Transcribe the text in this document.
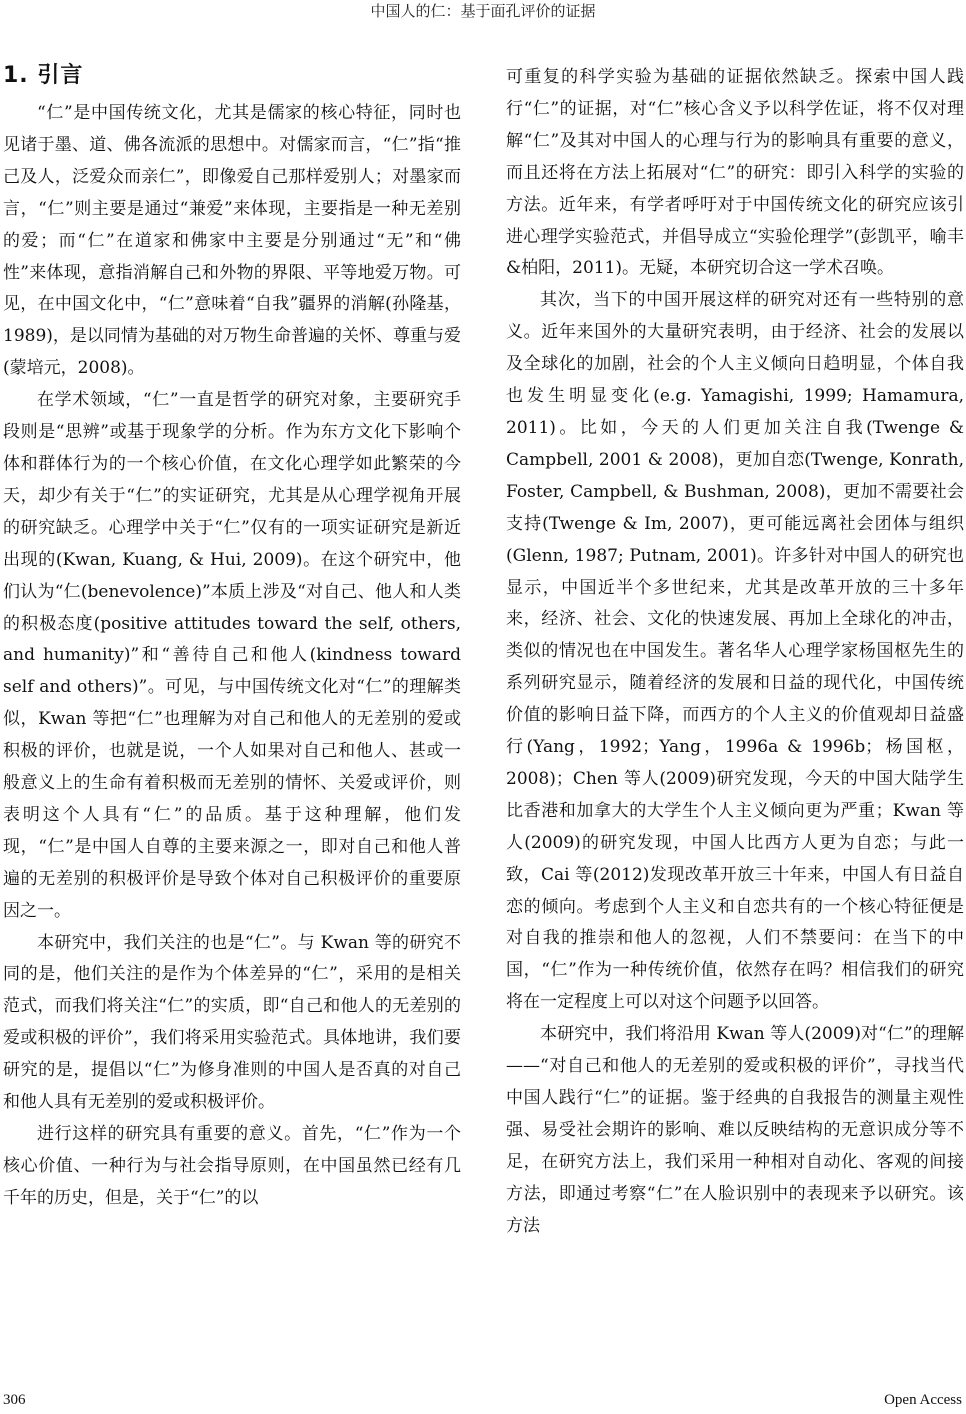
中国人的仁：基于面孔评价的证据
1. 引言

“仁”是中国传统文化，尤其是儒家的核心特征，同时也见诸于墨、道、佛各流派的思想中。对儒家而言，“仁”指“推己及人，泛爱众而亲仁”，即像爱自己那样爱别人；对墨家而言，“仁”则主要是通过“兼爱”来体现，主要指是一种无差别的爱；而“仁”在道家和佛家中主要是分别通过“无”和“佛性”来体现，意指消解自己和外物的界限、平等地爱万物。可见，在中国文化中，“仁”意味着“自我”疆界的消解(孙隆基，1989)，是以同情为基础的对万物生命普遍的关怀、尊重与爱(蒙培元，2008)。

在学术领域，“仁”一直是哲学的研究对象，主要研究手段则是“思辨”或基于现象学的分析。作为东方文化下影响个体和群体行为的一个核心价值，在文化心理学如此繁荣的今天，却少有关于“仁”的实证研究，尤其是从心理学视角开展的研究缺乏。心理学中关于“仁”仅有的一项实证研究是新近出现的(Kwan, Kuang, & Hui, 2009)。在这个研究中，他们认为“仁(benevolence)”本质上涉及“对自己、他人和人类的积极态度(positive attitudes toward the self, others, and humanity)”和“善待自己和他人(kindness toward self and others)”。可见，与中国传统文化对“仁”的理解类似，Kwan 等把“仁”也理解为对自己和他人的无差别的爱或积极的评价，也就是说，一个人如果对自己和他人、甚或一般意义上的生命有着积极而无差别的情怀、关爱或评价，则表明这个人具有“仁”的品质。基于这种理解，他们发现，“仁”是中国人自尊的主要来源之一，即对自己和他人普遍的无差别的积极评价是导致个体对自己积极评价的重要原因之一。

本研究中，我们关注的也是“仁”。与 Kwan 等的研究不同的是，他们关注的是作为个体差异的“仁”，采用的是相关范式，而我们将关注“仁”的实质，即“自己和他人的无差别的爱或积极的评价”，我们将采用实验范式。具体地讲，我们要研究的是，提倡以“仁”为修身准则的中国人是否真的对自己和他人具有无差别的爱或积极评价。

进行这样的研究具有重要的意义。首先，“仁”作为一个核心价值、一种行为与社会指导原则，在中国虽然已经有几千年的历史，但是，关于“仁”的以

可重复的科学实验为基础的证据依然缺乏。探索中国人践行“仁”的证据，对“仁”核心含义予以科学佐证，将不仅对理解“仁”及其对中国人的心理与行为的影响具有重要的意义，而且还将在方法上拓展对“仁”的研究：即引入科学的实验的方法。近年来，有学者呼吁对于中国传统文化的研究应该引进心理学实验范式，并倡导成立“实验伦理学”(彭凯平，喻丰&柏阳，2011)。无疑，本研究切合这一学术召唤。

其次，当下的中国开展这样的研究对还有一些特别的意义。近年来国外的大量研究表明，由于经济、社会的发展以及全球化的加剧，社会的个人主义倾向日趋明显，个体自我也发生明显变化(e.g. Yamagishi, 1999; Hamamura, 2011)。比如，今天的人们更加关注自我(Twenge & Campbell, 2001 & 2008)，更加自恋(Twenge, Konrath, Foster, Campbell, & Bushman, 2008)，更加不需要社会支持(Twenge & Im, 2007)，更可能远离社会团体与组织(Glenn, 1987; Putnam, 2001)。许多针对中国人的研究也显示，中国近半个多世纪来，尤其是改革开放的三十多年来，经济、社会、文化的快速发展、再加上全球化的冲击，类似的情况也在中国发生。著名华人心理学家杨国枢先生的系列研究显示，随着经济的发展和日益的现代化，中国传统价值的影响日益下降，而西方的个人主义的价值观却日益盛行(Yang，1992；Yang，1996a & 1996b；杨国枢，2008)；Chen 等人(2009)研究发现，今天的中国大陆学生比香港和加拿大的大学生个人主义倾向更为严重；Kwan 等人(2009)的研究发现，中国人比西方人更为自恋；与此一致，Cai 等(2012)发现改革开放三十年来，中国人有日益自恋的倾向。考虑到个人主义和自恋共有的一个核心特征便是对自我的推崇和他人的忽视，人们不禁要问：在当下的中国，“仁”作为一种传统价值，依然存在吗？相信我们的研究将在一定程度上可以对这个问题予以回答。

本研究中，我们将沿用 Kwan 等人(2009)对“仁”的理解——“对自己和他人的无差别的爱或积极的评价”，寻找当代中国人践行“仁”的证据。鉴于经典的自我报告的测量主观性强、易受社会期许的影响、难以反映结构的无意识成分等不足，在研究方法上，我们采用一种相对自动化、客观的间接方法，即通过考察“仁”在人脸识别中的表现来予以研究。该方法

306	Open Access
